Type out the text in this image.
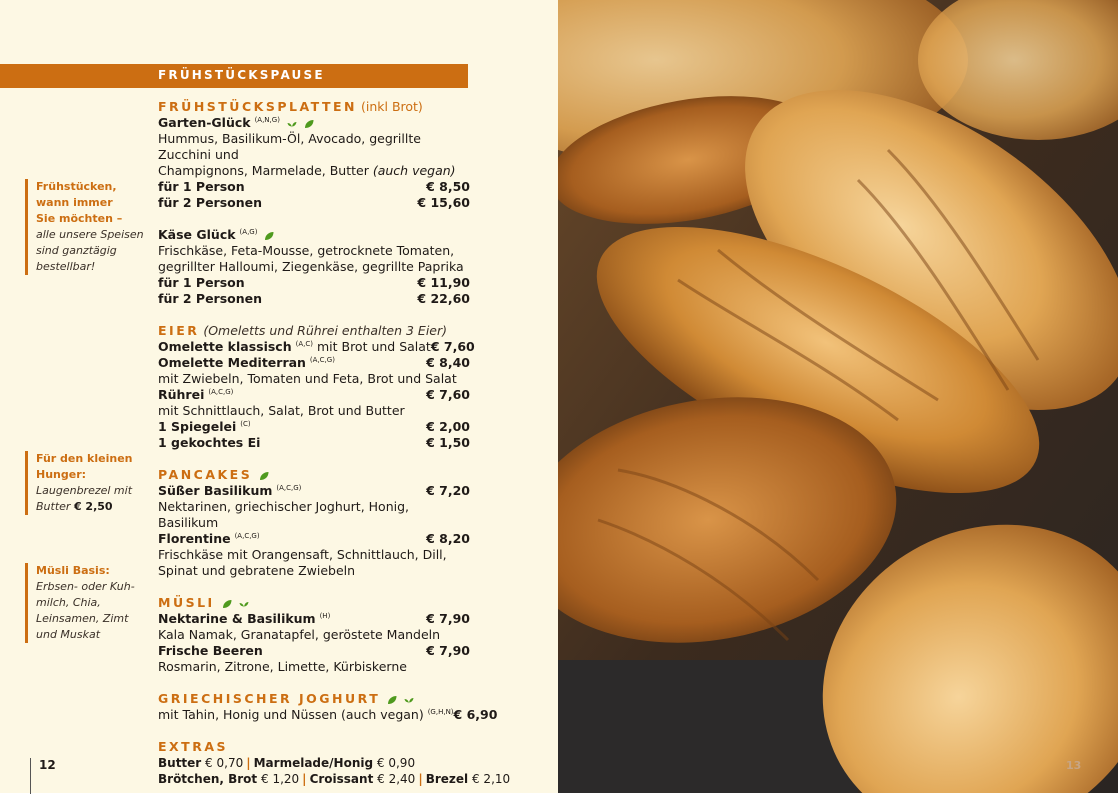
FRÜHSTÜCKSPAUSE
Frühstücken,
wann immer
Sie möchten –
alle unsere Speisen
sind ganztägig
bestellbar!
Für den kleinen
Hunger:
Laugenbrezel mit
Butter € 2,50
Müsli Basis:
Erbsen- oder Kuh-
milch, Chia,
Leinsamen, Zimt
und Muskat
FRÜHSTÜCKSPLATTEN (inkl Brot)
Garten-Glück $^{(A,N,G)}$
Hummus, Basilikum-Öl, Avocado, gegrillte Zucchini und
Champignons, Marmelade, Butter (auch vegan)
für 1 Person	€ 8,50
für 2 Personen	€ 15,60
Käse Glück $^{(A,G)}$
Frischkäse, Feta-Mousse, getrocknete Tomaten,
gegrillter Halloumi, Ziegenkäse, gegrillte Paprika
für 1 Person	€ 11,90
für 2 Personen	€ 22,60
EIER (Omeletts und Rührei enthalten 3 Eier)
Omelette klassisch $^{(A,C)}$ mit Brot und Salat € 7,60
Omelette Mediterran $^{(A,C,G)}$	€ 8,40
mit Zwiebeln, Tomaten und Feta, Brot und Salat
Rührei $^{(A,C,G)}$	€ 7,60
mit Schnittlauch, Salat, Brot und Butter
1 Spiegelei $^{(C)}$	€ 2,00
1 gekochtes Ei	€ 1,50
PANCAKES
Süßer Basilikum $^{(A,C,G)}$	€ 7,20
Nektarinen, griechischer Joghurt, Honig, Basilikum
Florentine $^{(A,C,G)}$	€ 8,20
Frischkäse mit Orangensaft, Schnittlauch, Dill,
Spinat und gebratene Zwiebeln
MÜSLI
Nektarine & Basilikum $^{(H)}$	€ 7,90
Kala Namak, Granatapfel, geröstete Mandeln
Frische Beeren	€ 7,90
Rosmarin, Zitrone, Limette, Kürbiskerne
GRIECHISCHER JOGHURT
mit Tahin, Honig und Nüssen (auch vegan) $^{(G,H,N)}$ € 6,90
EXTRAS
Butter € 0,70 | Marmelade/Honig € 0,90
Brötchen, Brot € 1,20 | Croissant € 2,40 | Brezel € 2,10
12	13
